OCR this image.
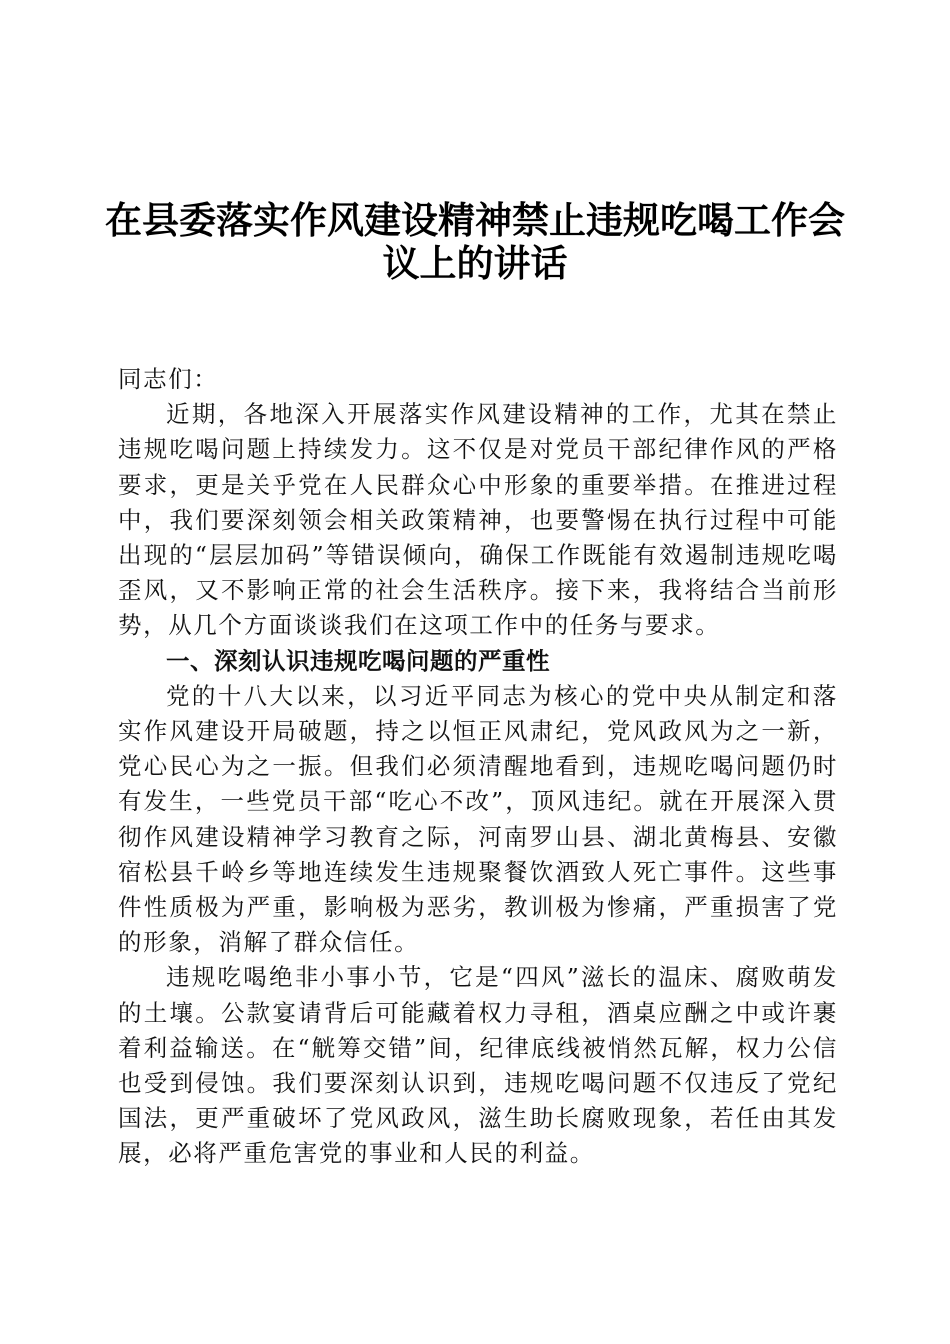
在县委落实作风建设精神禁止违规吃喝工作会
议上的讲话

同志们：

近期，各地深入开展落实作风建设精神的工作，尤其在禁止违规吃喝问题上持续发力。这不仅是对党员干部纪律作风的严格要求，更是关乎党在人民群众心中形象的重要举措。在推进过程中，我们要深刻领会相关政策精神，也要警惕在执行过程中可能出现的“层层加码”等错误倾向，确保工作既能有效遏制违规吃喝歪风，又不影响正常的社会生活秩序。接下来，我将结合当前形势，从几个方面谈谈我们在这项工作中的任务与要求。

一、深刻认识违规吃喝问题的严重性

党的十八大以来，以习近平同志为核心的党中央从制定和落实作风建设开局破题，持之以恒正风肃纪，党风政风为之一新，党心民心为之一振。但我们必须清醒地看到，违规吃喝问题仍时有发生，一些党员干部“吃心不改”，顶风违纪。就在开展深入贯彻作风建设精神学习教育之际，河南罗山县、湖北黄梅县、安徽宿松县千岭乡等地连续发生违规聚餐饮酒致人死亡事件。这些事件性质极为严重，影响极为恶劣，教训极为惨痛，严重损害了党的形象，消解了群众信任。

违规吃喝绝非小事小节，它是“四风”滋长的温床、腐败萌发的土壤。公款宴请背后可能藏着权力寻租，酒桌应酬之中或许裹着利益输送。在“觥筹交错”间，纪律底线被悄然瓦解，权力公信也受到侵蚀。我们要深刻认识到，违规吃喝问题不仅违反了党纪国法，更严重破坏了党风政风，滋生助长腐败现象，若任由其发展，必将严重危害党的事业和人民的利益。
